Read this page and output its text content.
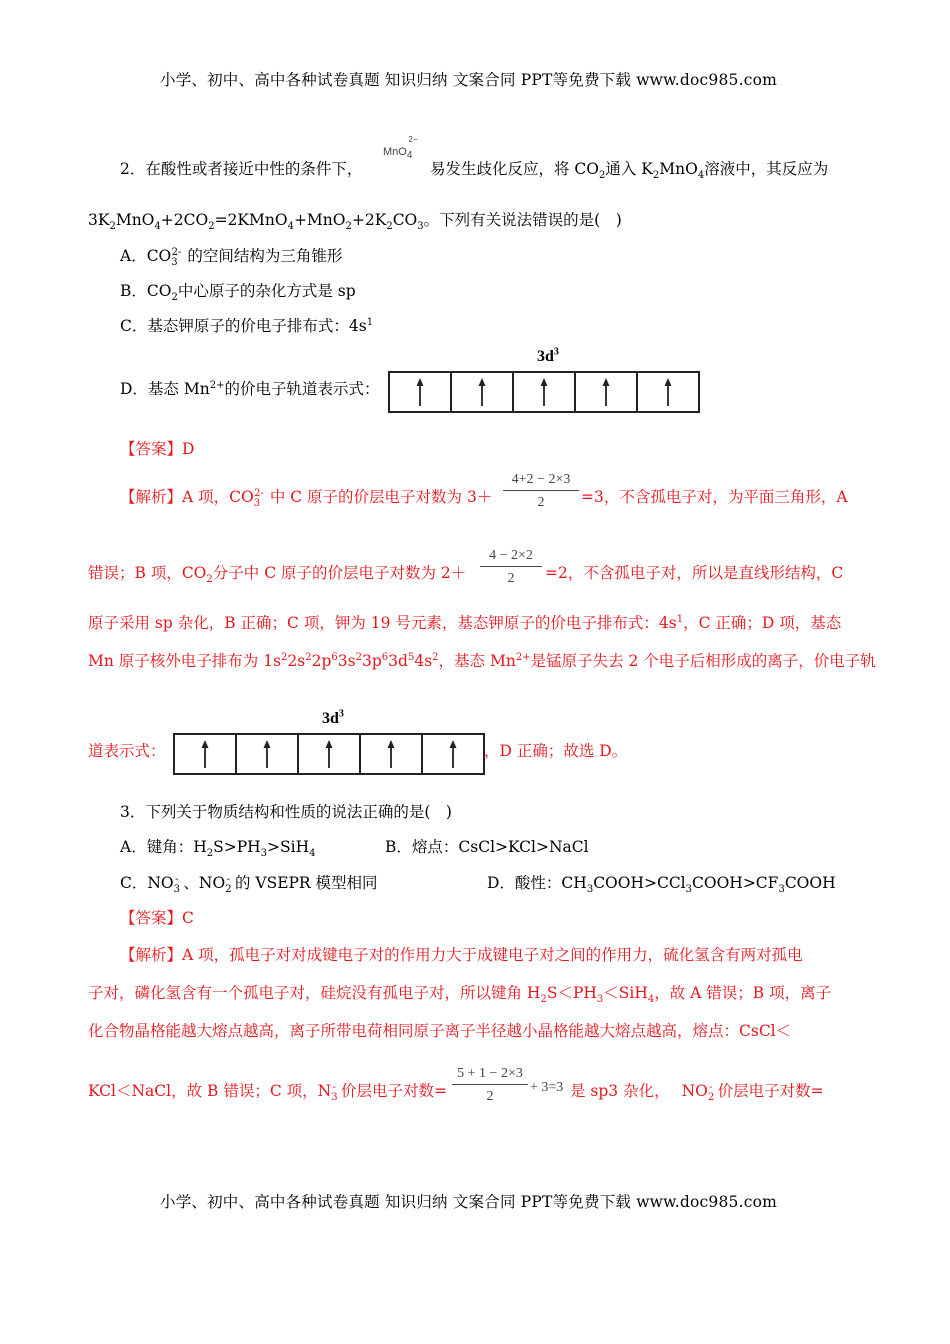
小学、初中、高中各种试卷真题 知识归纳 文案合同 PPT等免费下载 www.doc985.com
2．在酸性或者接近中性的条件下，
MnO$_4^{2-}$
易发生歧化反应，将 $CO_2$通入 $K_2MnO_4$溶液中，其反应为
$3K_2MnO_4+2CO_2=2KMnO_4+MnO_2+2K_2CO_3$。下列有关说法错误的是(　)
A．$CO_3^{2-}$ 的空间结构为三角锥形
B．$CO_2$中心原子的杂化方式是 sp
C．基态钾原子的价电子排布式：$4s^1$
D．基态 $Mn^{2+}$的价电子轨道表示式：
$3d^3$
【答案】D
【解析】A 项，$CO_3^{2-}$ 中 C 原子的价层电子对数为 3＋
4+2 − 2×3
2	=3，不含孤电子对，为平面三角形，A
错误；B 项，$CO_2$分子中 C 原子的价层电子对数为 2＋
4 − 2×2
2	=2，不含孤电子对，所以是直线形结构，C
原子采用 sp 杂化，B 正确；C 项，钾为 19 号元素，基态钾原子的价电子排布式：$4s^1$，C 正确；D 项，基态
Mn 原子核外电子排布为 $1s^22s^22p^63s^23p^63d^54s^2$，基态 $Mn^{2+}$是锰原子失去 2 个电子后相形成的离子，价电子轨
道表示式：
$3d^3$
，D 正确；故选 D。
3．下列关于物质结构和性质的说法正确的是(　)
A．键角：$H_2S>PH_3>SiH_4$	B．熔点：CsCl>KCl>NaCl
C．$NO_3^-$ 、$NO_2^-$ 的 VSEPR 模型相同	D．酸性：$CH_3COOH>CCl_3COOH>CF_3COOH$
【答案】C
【解析】A 项，孤电子对对成键电子对的作用力大于成键电子对之间的作用力，硫化氢含有两对孤电
子对，磷化氢含有一个孤电子对，硅烷没有孤电子对，所以键角 $H_2S<PH_3<SiH_4$，故 A 错误；B 项，离子
化合物晶格能越大熔点越高，离子所带电荷相同原子离子半径越小晶格能越大熔点越高，熔点：CsCl＜
KCl＜NaCl，故 B 错误；C 项，$N_3^-$ 价层电子对数=
5 + 1 − 2×3
2
+ 3=3 是 sp3 杂化， $NO_2^-$ 价层电子对数=
小学、初中、高中各种试卷真题 知识归纳 文案合同 PPT等免费下载 www.doc985.com
